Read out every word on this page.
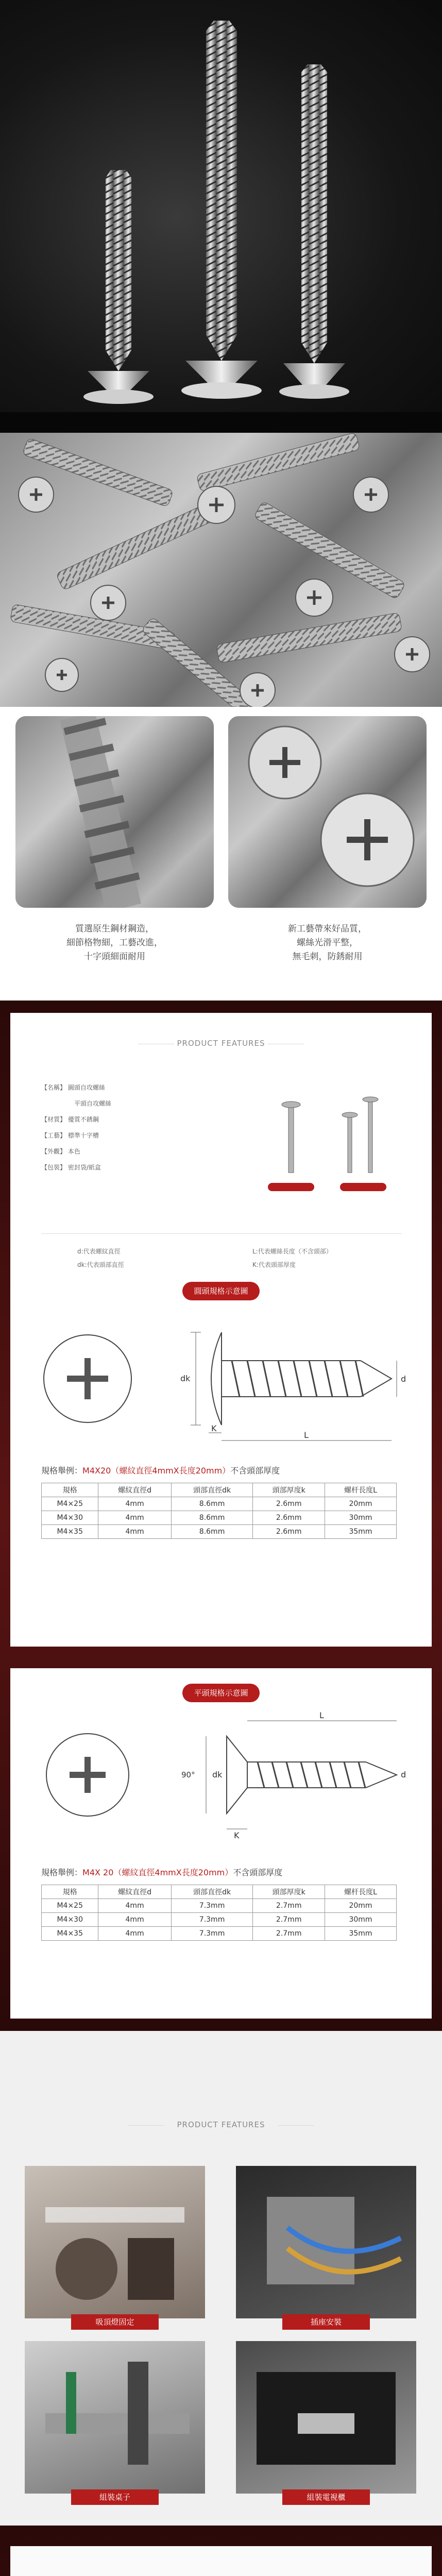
質選原生鋼材鋼造，
細節格物細，工藝改進，
十字頭細面耐用
新工藝帶來好品質，
螺絲光滑平整，
無毛刺，防銹耐用
PRODUCT FEATURES
【名稱】 圓頭自攻螺絲
平頭自攻螺絲
【材質】 優質不銹鋼
【工藝】 標準十字槽
【外觀】 本色
【包裝】 密封袋/紙盒
d:代表螺紋直徑
dk:代表頭部直徑
L:代表螺絲長度（不含頭部）
K:代表頭部厚度
圓頭規格示意圖
dk	d
L
K
規格舉例：M4X20（螺紋直徑4mmX長度20mm）不含頭部厚度
規格	螺紋直徑d	頭部直徑dk	頭部厚度k	螺杆長度L
M4×25	4mm	8.6mm	2.6mm	20mm
M4×30	4mm	8.6mm	2.6mm	30mm
M4×35	4mm	8.6mm	2.6mm	35mm
平頭規格示意圖
L
90° dk	d
K
規格舉例：M4X 20（螺紋直徑4mmX長度20mm）不含頭部厚度
規格	螺紋直徑d	頭部直徑dk	頭部厚度k	螺杆長度L
M4×25	4mm	7.3mm	2.7mm	20mm
M4×30	4mm	7.3mm	2.7mm	30mm
M4×35	4mm	7.3mm	2.7mm	35mm
PRODUCT FEATURES
吸頂燈固定	插座安裝
組裝桌子	組裝電視櫃
